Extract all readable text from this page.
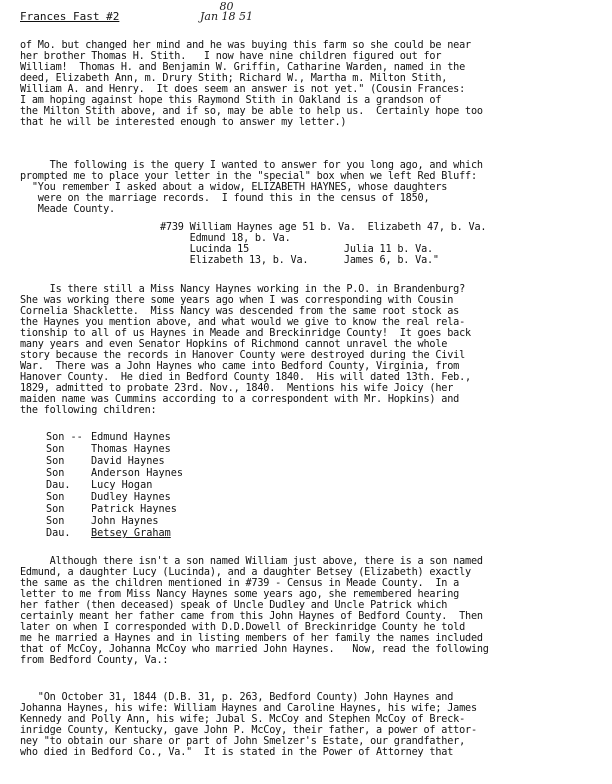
Frances Fast #2
80
Jan 18 51
of Mo. but changed her mind and he was buying this farm so she could be near
her brother Thomas H. Stith.   I now have nine children figured out for
William!  Thomas H. and Benjamin W. Griffin, Catharine Warden, named in the
deed, Elizabeth Ann, m. Drury Stith; Richard W., Martha m. Milton Stith,
William A. and Henry.  It does seem an answer is not yet." (Cousin Frances:
I am hoping against hope this Raymond Stith in Oakland is a grandson of
the Milton Stith above, and if so, may be able to help us.  Certainly hope too
that he will be interested enough to answer my letter.)
The following is the query I wanted to answer for you long ago, and which
prompted me to place your letter in the "special" box when we left Red Bluff:
"You remember I asked about a widow, ELIZABETH HAYNES, whose daughters
were on the marriage records.  I found this in the census of 1850,
Meade County.
#739 William Haynes age 51 b. Va.  Elizabeth 47, b. Va.
Edmund 18, b. Va.
Lucinda 15                Julia 11 b. Va.
Elizabeth 13, b. Va.      James 6, b. Va."
Is there still a Miss Nancy Haynes working in the P.O. in Brandenburg?
She was working there some years ago when I was corresponding with Cousin
Cornelia Shacklette.  Miss Nancy was descended from the same root stock as
the Haynes you mention above, and what would we give to know the real rela-
tionship to all of us Haynes in Meade and Breckinridge County!  It goes back
many years and even Senator Hopkins of Richmond cannot unravel the whole
story because the records in Hanover County were destroyed during the Civil
War.  There was a John Haynes who came into Bedford County, Virginia, from
Hanover County.  He died in Bedford County 1840.  His will dated 13th. Feb.,
1829, admitted to probate 23rd. Nov., 1840.  Mentions his wife Joicy (her
maiden name was Cummins according to a correspondent with Mr. Hopkins) and
the following children:
Son -- Edmund Haynes
Son	Thomas Haynes
Son	David Haynes
Son	Anderson Haynes
Dau. Lucy Hogan
Son	Dudley Haynes
Son	Patrick Haynes
Son	John Haynes
Dau. Betsey Graham
Although there isn't a son named William just above, there is a son named
Edmund, a daughter Lucy (Lucinda), and a daughter Betsey (Elizabeth) exactly
the same as the children mentioned in #739 - Census in Meade County.  In a
letter to me from Miss Nancy Haynes some years ago, she remembered hearing
her father (then deceased) speak of Uncle Dudley and Uncle Patrick which
certainly meant her father came from this John Haynes of Bedford County.  Then
later on when I corresponded with D.D.Dowell of Breckinridge County he told
me he married a Haynes and in listing members of her family the names included
that of McCoy, Johanna McCoy who married John Haynes.   Now, read the following
from Bedford County, Va.:
"On October 31, 1844 (D.B. 31, p. 263, Bedford County) John Haynes and
Johanna Haynes, his wife: William Haynes and Caroline Haynes, his wife; James
Kennedy and Polly Ann, his wife; Jubal S. McCoy and Stephen McCoy of Breck-
inridge County, Kentucky, gave John P. McCoy, their father, a power of attor-
ney "to obtain our share or part of John Smelzer's Estate, our grandfather,
who died in Bedford Co., Va."  It is stated in the Power of Attorney that
